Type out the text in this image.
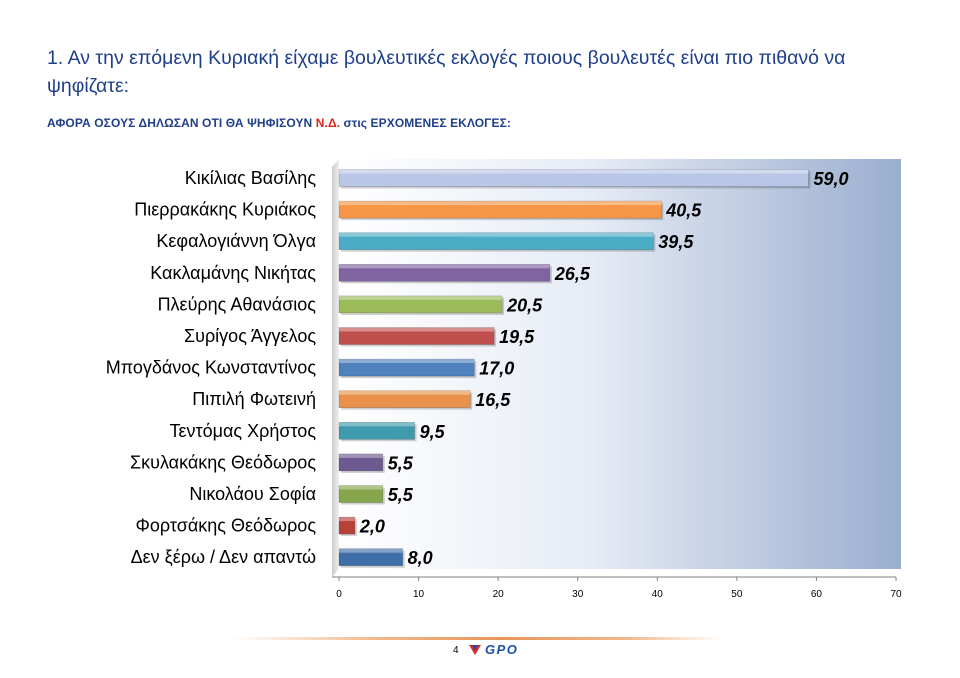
1. Αν την επόμενη Κυριακή είχαμε βουλευτικές εκλογές ποιους βουλευτές είναι πιο πιθανό να ψηφίζατε:
ΑΦΟΡΑ ΟΣΟΥΣ ΔΗΛΩΣΑΝ ΟΤΙ ΘΑ ΨΗΦΙΣΟΥΝ Ν.Δ. στις ΕΡΧΟΜΕΝΕΣ ΕΚΛΟΓΕΣ:
Κικίλιας Βασίλης
Πιερρακάκης Κυριάκος
Κεφαλογιάννη Όλγα
Κακλαμάνης Νικήτας
Πλεύρης Αθανάσιος
Συρίγος Άγγελος
Μπογδάνος Κωνσταντίνος
Πιπιλή Φωτεινή
Τεντόμας Χρήστος
Σκυλακάκης Θεόδωρος
Νικολάου Σοφία
Φορτσάκης Θεόδωρος
Δεν ξέρω / Δεν απαντώ
59,0
40,5
39,5
26,5
20,5
19,5
17,0
16,5
9,5
5,5
5,5
2,0
8,0
0	10	20	30	40	50	60	70
4 GPO
